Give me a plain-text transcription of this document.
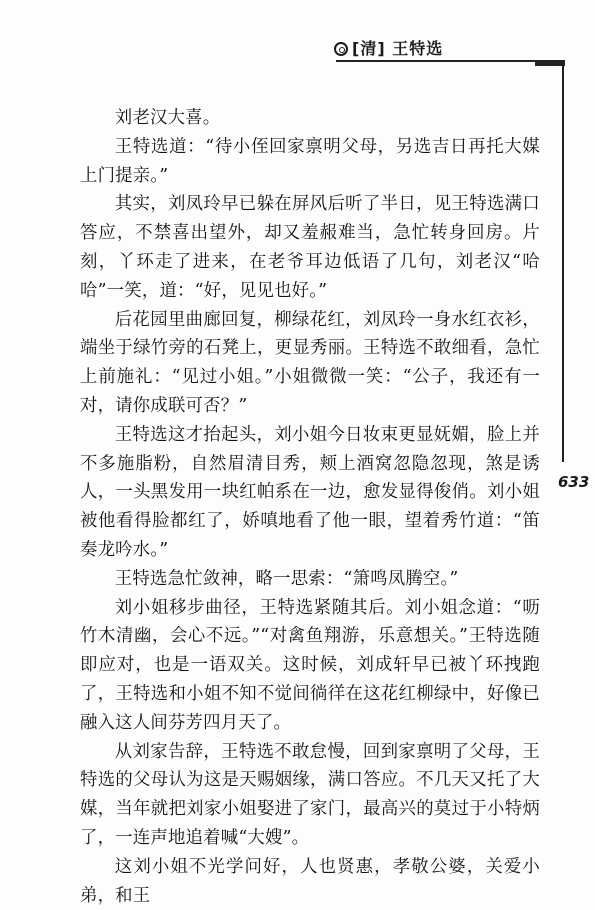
[清] 王特选
633

刘老汉大喜。

王特选道：“待小侄回家禀明父母，另选吉日再托大媒上门提亲。”

其实，刘凤玲早已躲在屏风后听了半日，见王特选满口答应，不禁喜出望外，却又羞赧难当，急忙转身回房。片刻，丫环走了进来，在老爷耳边低语了几句，刘老汉“哈哈”一笑，道：“好，见见也好。”

后花园里曲廊回复，柳绿花红，刘凤玲一身水红衣衫，端坐于绿竹旁的石凳上，更显秀丽。王特选不敢细看，急忙上前施礼：“见过小姐。”小姐微微一笑：“公子，我还有一对，请你成联可否？”

王特选这才抬起头，刘小姐今日妆束更显妩媚，脸上并不多施脂粉，自然眉清目秀，颊上酒窝忽隐忽现，煞是诱人，一头黑发用一块红帕系在一边，愈发显得俊俏。刘小姐被他看得脸都红了，娇嗔地看了他一眼，望着秀竹道：“笛奏龙吟水。”

王特选急忙敛神，略一思索：“箫鸣凤腾空。”

刘小姐移步曲径，王特选紧随其后。刘小姐念道：“呖竹木清幽，会心不远。”“对禽鱼翔游，乐意想关。”王特选随即应对，也是一语双关。这时候，刘成轩早已被丫环拽跑了，王特选和小姐不知不觉间徜徉在这花红柳绿中，好像已融入这人间芬芳四月天了。

从刘家告辞，王特选不敢怠慢，回到家禀明了父母，王特选的父母认为这是天赐姻缘，满口答应。不几天又托了大媒，当年就把刘家小姐娶进了家门，最高兴的莫过于小特炳了，一连声地追着喊“大嫂”。

这刘小姐不光学问好，人也贤惠，孝敬公婆，关爱小弟，和王
